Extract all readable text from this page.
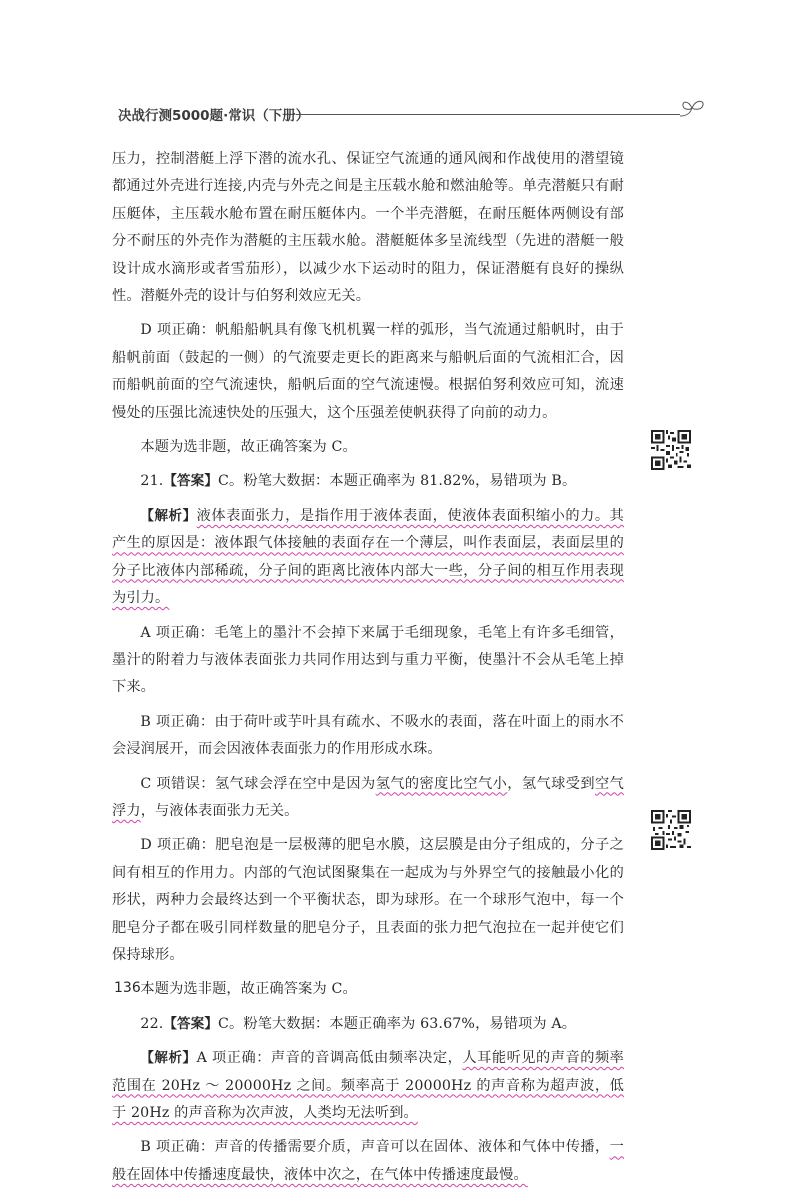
决战行测5000题·常识（下册）

压力，控制潜艇上浮下潜的流水孔、保证空气流通的通风阀和作战使用的潜望镜都通过外壳进行连接,内壳与外壳之间是主压载水舱和燃油舱等。单壳潜艇只有耐压艇体，主压载水舱布置在耐压艇体内。一个半壳潜艇，在耐压艇体两侧设有部分不耐压的外壳作为潜艇的主压载水舱。潜艇艇体多呈流线型（先进的潜艇一般设计成水滴形或者雪茄形），以减少水下运动时的阻力，保证潜艇有良好的操纵性。潜艇外壳的设计与伯努利效应无关。

D 项正确：帆船船帆具有像飞机机翼一样的弧形，当气流通过船帆时，由于船帆前面（鼓起的一侧）的气流要走更长的距离来与船帆后面的气流相汇合，因而船帆前面的空气流速快，船帆后面的空气流速慢。根据伯努利效应可知，流速慢处的压强比流速快处的压强大，这个压强差使帆获得了向前的动力。

本题为选非题，故正确答案为 C。

21.【答案】C。粉笔大数据：本题正确率为 81.82%，易错项为 B。

【解析】液体表面张力，是指作用于液体表面，使液体表面积缩小的力。其产生的原因是：液体跟气体接触的表面存在一个薄层，叫作表面层，表面层里的分子比液体内部稀疏，分子间的距离比液体内部大一些，分子间的相互作用表现为引力。

A 项正确：毛笔上的墨汁不会掉下来属于毛细现象，毛笔上有许多毛细管，墨汁的附着力与液体表面张力共同作用达到与重力平衡，使墨汁不会从毛笔上掉下来。

B 项正确：由于荷叶或芋叶具有疏水、不吸水的表面，落在叶面上的雨水不会浸润展开，而会因液体表面张力的作用形成水珠。

C 项错误：氢气球会浮在空中是因为氢气的密度比空气小，氢气球受到空气浮力，与液体表面张力无关。

D 项正确：肥皂泡是一层极薄的肥皂水膜，这层膜是由分子组成的，分子之间有相互的作用力。内部的气泡试图聚集在一起成为与外界空气的接触最小化的形状，两种力会最终达到一个平衡状态，即为球形。在一个球形气泡中，每一个肥皂分子都在吸引同样数量的肥皂分子，且表面的张力把气泡拉在一起并使它们保持球形。

本题为选非题，故正确答案为 C。

22.【答案】C。粉笔大数据：本题正确率为 63.67%，易错项为 A。

【解析】A 项正确：声音的音调高低由频率决定，人耳能听见的声音的频率范围在 20Hz ～ 20000Hz 之间。频率高于 20000Hz 的声音称为超声波，低于 20Hz 的声音称为次声波，人类均无法听到。

B 项正确：声音的传播需要介质，声音可以在固体、液体和气体中传播，一般在固体中传播速度最快，液体中次之，在气体中传播速度最慢。

136
